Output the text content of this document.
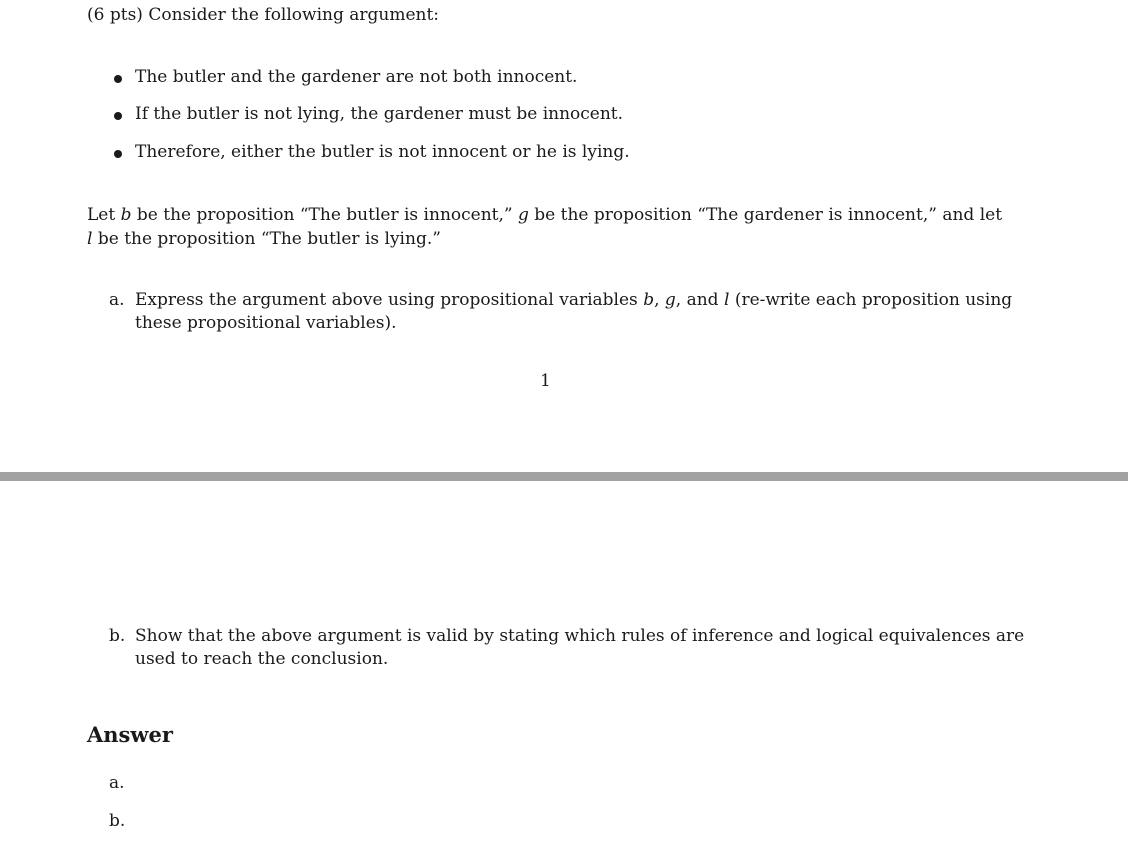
(6 pts) Consider the following argument:
The butler and the gardener are not both innocent.
If the butler is not lying, the gardener must be innocent.
Therefore, either the butler is not innocent or he is lying.
Let b be the proposition “The butler is innocent,” g be the proposition “The gardener is innocent,” and let
l be the proposition “The butler is lying.”
a. Express the argument above using propositional variables b, g, and l (re-write each proposition using
these propositional variables).
1
b. Show that the above argument is valid by stating which rules of inference and logical equivalences are
used to reach the conclusion.
Answer
a.
b.
